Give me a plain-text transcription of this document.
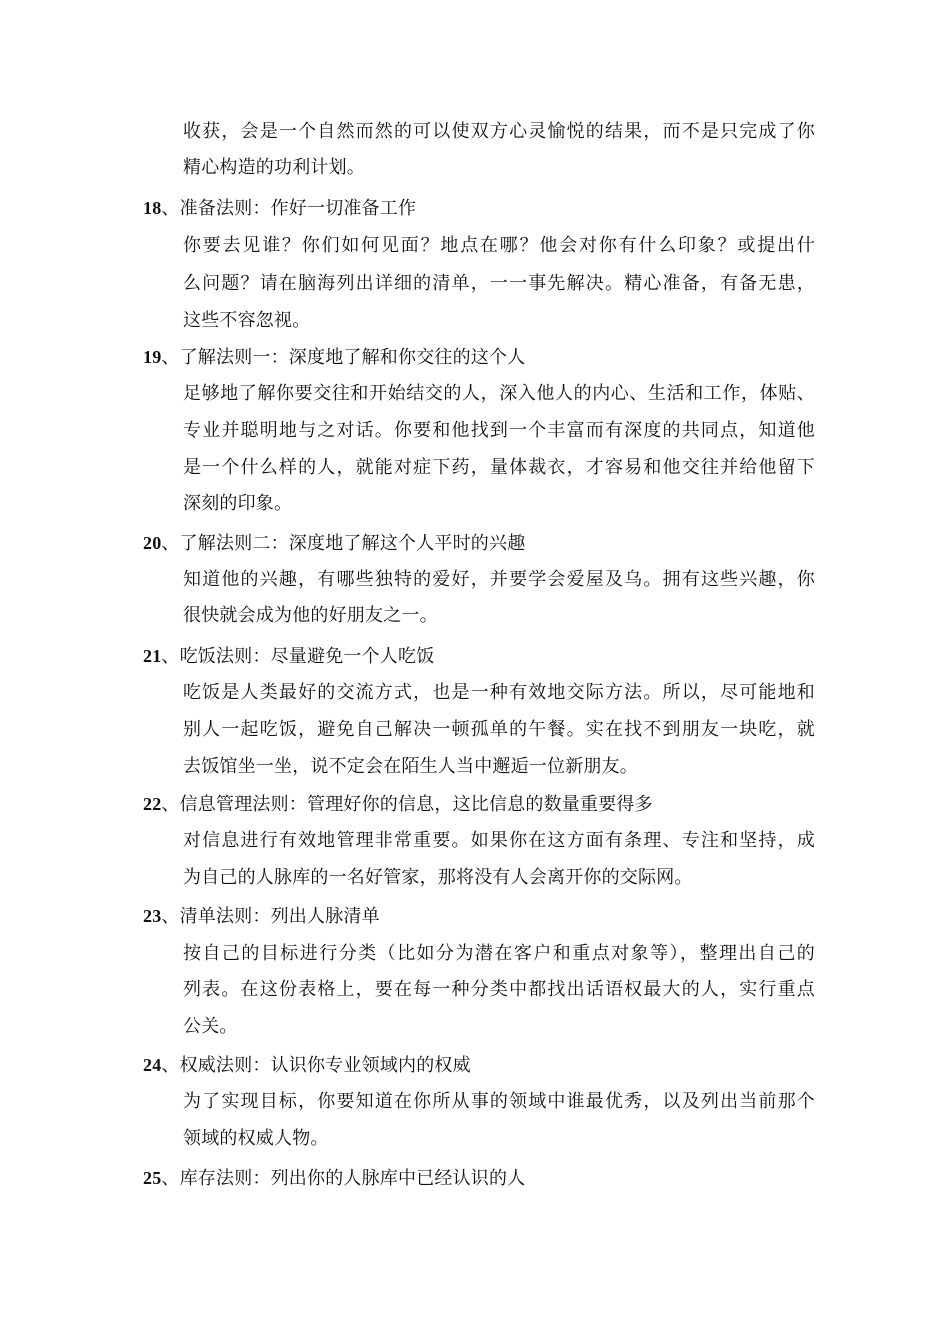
收获，会是一个自然而然的可以使双方心灵愉悦的结果，而不是只完成了你
精心构造的功利计划。
18、准备法则：作好一切准备工作
你要去见谁？你们如何见面？地点在哪？他会对你有什么印象？或提出什
么问题？请在脑海列出详细的清单，一一事先解决。精心准备，有备无患，
这些不容忽视。
19、了解法则一：深度地了解和你交往的这个人
足够地了解你要交往和开始结交的人，深入他人的内心、生活和工作，体贴、
专业并聪明地与之对话。你要和他找到一个丰富而有深度的共同点，知道他
是一个什么样的人，就能对症下药，量体裁衣，才容易和他交往并给他留下
深刻的印象。
20、了解法则二：深度地了解这个人平时的兴趣
知道他的兴趣，有哪些独特的爱好，并要学会爱屋及乌。拥有这些兴趣，你
很快就会成为他的好朋友之一。
21、吃饭法则：尽量避免一个人吃饭
吃饭是人类最好的交流方式，也是一种有效地交际方法。所以，尽可能地和
别人一起吃饭，避免自己解决一顿孤单的午餐。实在找不到朋友一块吃，就
去饭馆坐一坐，说不定会在陌生人当中邂逅一位新朋友。
22、信息管理法则：管理好你的信息，这比信息的数量重要得多
对信息进行有效地管理非常重要。如果你在这方面有条理、专注和坚持，成
为自己的人脉库的一名好管家，那将没有人会离开你的交际网。
23、清单法则：列出人脉清单
按自己的目标进行分类（比如分为潜在客户和重点对象等），整理出自己的
列表。在这份表格上，要在每一种分类中都找出话语权最大的人，实行重点
公关。
24、权威法则：认识你专业领域内的权威
为了实现目标，你要知道在你所从事的领域中谁最优秀，以及列出当前那个
领域的权威人物。
25、库存法则：列出你的人脉库中已经认识的人
